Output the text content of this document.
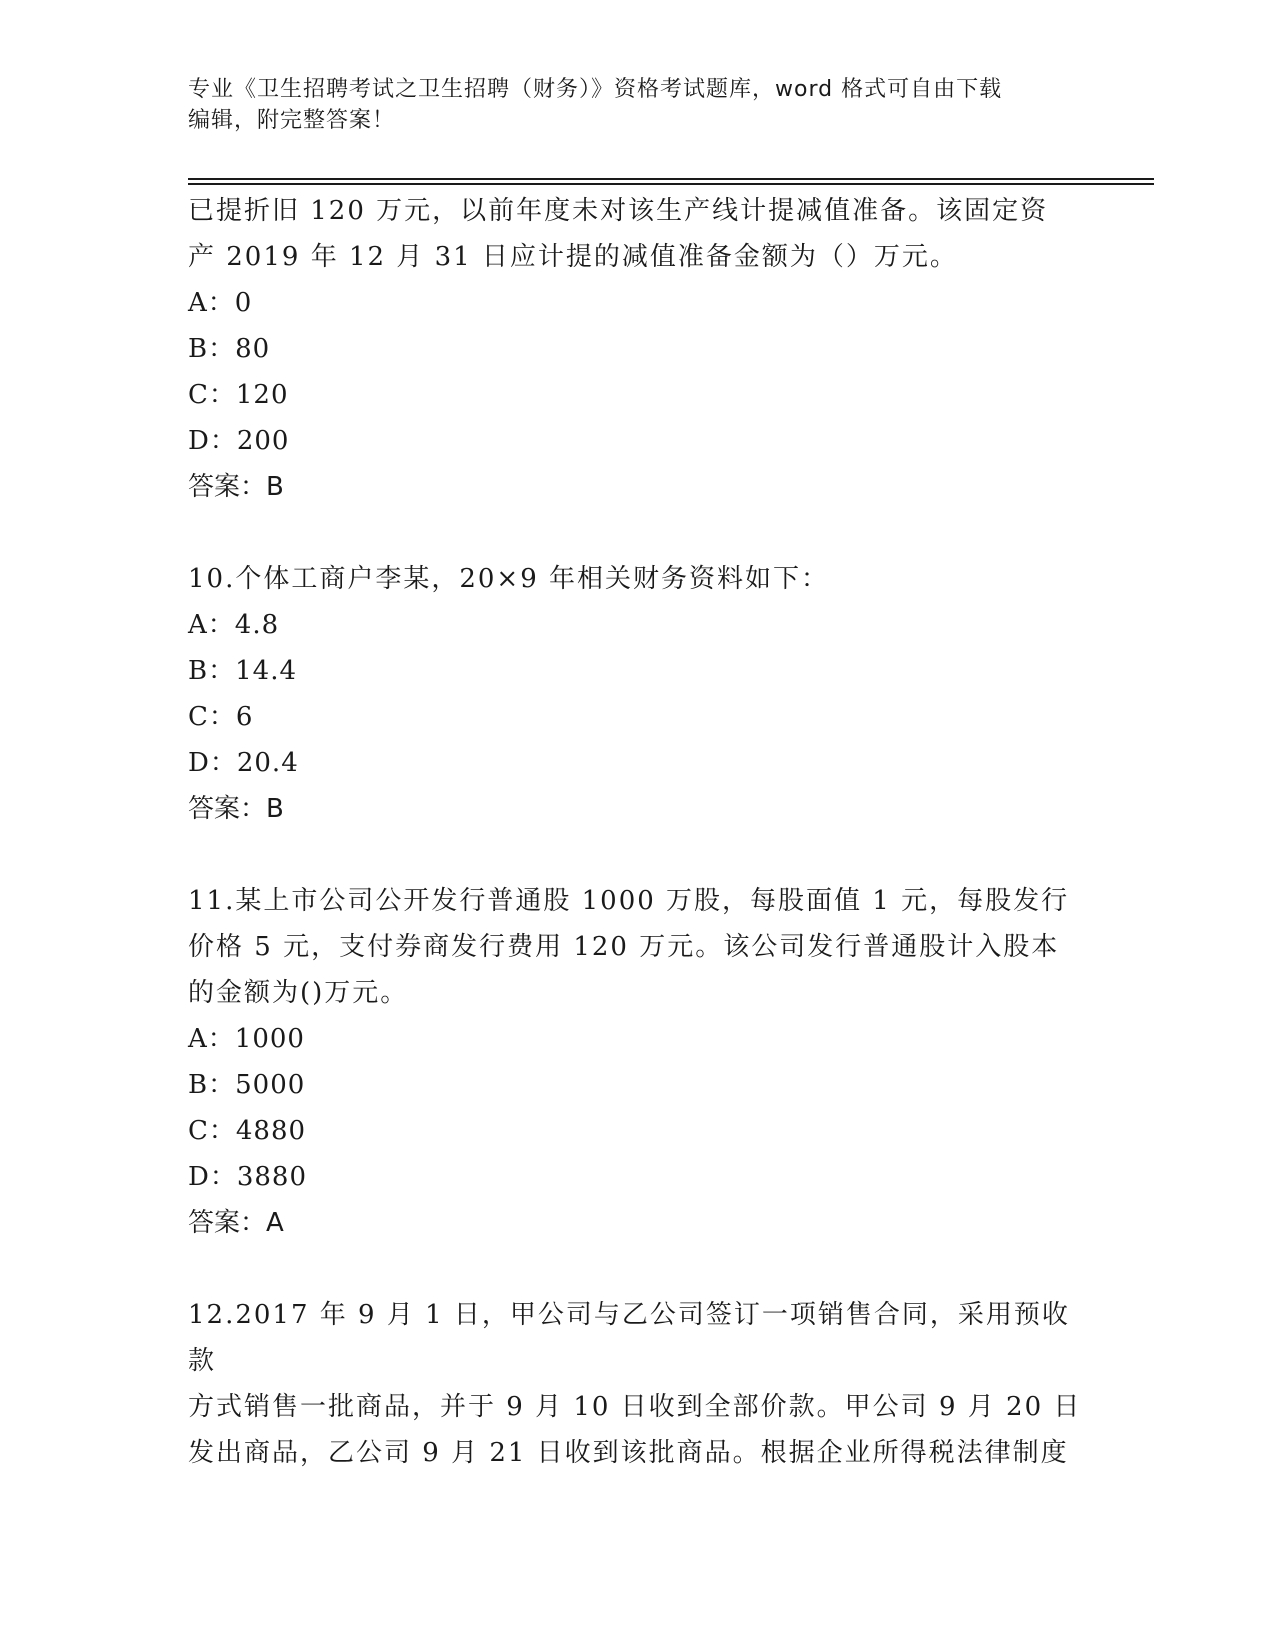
专业《卫生招聘考试之卫生招聘（财务）》资格考试题库，word 格式可自由下载
编辑，附完整答案！

已提折旧 120 万元，以前年度未对该生产线计提减值准备。该固定资

产 2019 年 12 月 31 日应计提的减值准备金额为（）万元。

A：0

B：80

C：120

D：200

答案：B

10.个体工商户李某，20×9 年相关财务资料如下：

A：4.8

B：14.4

C：6

D：20.4

答案：B

11.某上市公司公开发行普通股 1000 万股，每股面值 1 元，每股发行

价格 5 元，支付券商发行费用 120 万元。该公司发行普通股计入股本

的金额为()万元。

A：1000

B：5000

C：4880

D：3880

答案：A

12.2017 年 9 月 1 日，甲公司与乙公司签订一项销售合同，采用预收款

方式销售一批商品，并于 9 月 10 日收到全部价款。甲公司 9 月 20 日

发出商品，乙公司 9 月 21 日收到该批商品。根据企业所得税法律制度
